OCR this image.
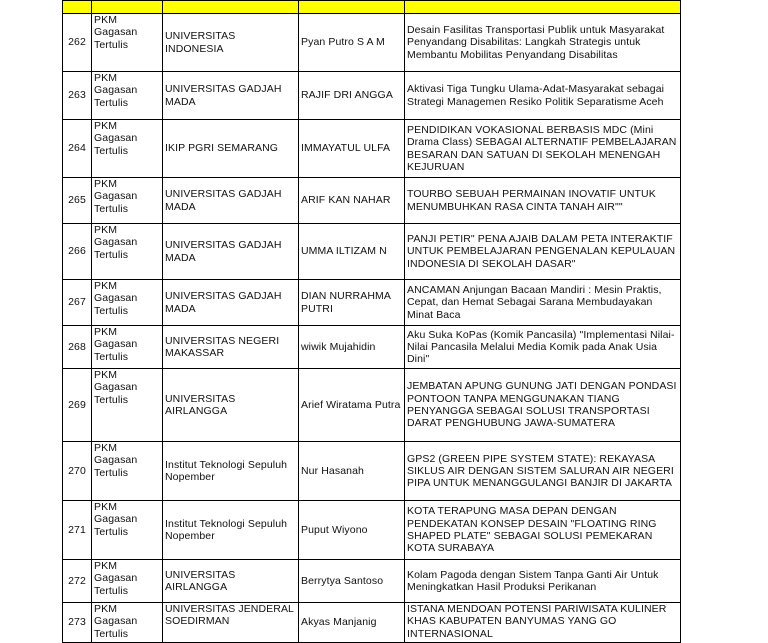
262	PKM
Gagasan
Tertulis	UNIVERSITAS INDONESIA	Pyan Putro S A M	Desain Fasilitas Transportasi Publik untuk Masyarakat Penyandang Disabilitas: Langkah Strategis untuk Membantu Mobilitas Penyandang Disabilitas
263	PKM
Gagasan
Tertulis	UNIVERSITAS GADJAH MADA	RAJIF DRI ANGGA	Aktivasi Tiga Tungku Ulama-Adat-Masyarakat sebagai Strategi Managemen Resiko Politik Separatisme Aceh
264	PKM
Gagasan
Tertulis	IKIP PGRI SEMARANG	IMMAYATUL ULFA	PENDIDIKAN VOKASIONAL BERBASIS MDC (Mini Drama Class) SEBAGAI ALTERNATIF PEMBELAJARAN BESARAN DAN SATUAN DI SEKOLAH MENENGAH KEJURUAN
265	PKM
Gagasan
Tertulis	UNIVERSITAS GADJAH MADA	ARIF KAN NAHAR	TOURBO SEBUAH PERMAINAN INOVATIF UNTUK MENUMBUHKAN RASA CINTA TANAH AIR""
266	PKM
Gagasan
Tertulis	UNIVERSITAS GADJAH MADA	UMMA ILTIZAM N	PANJI PETIR" PENA AJAIB DALAM PETA INTERAKTIF UNTUK PEMBELAJARAN PENGENALAN KEPULAUAN INDONESIA DI SEKOLAH DASAR"
267	PKM
Gagasan
Tertulis	UNIVERSITAS GADJAH MADA	DIAN NURRAHMA PUTRI	ANCAMAN Anjungan Bacaan Mandiri : Mesin Praktis, Cepat, dan Hemat Sebagai Sarana Membudayakan Minat Baca
268	PKM
Gagasan
Tertulis	UNIVERSITAS NEGERI MAKASSAR	wiwik Mujahidin	Aku Suka KoPas (Komik Pancasila) "Implementasi Nilai-Nilai Pancasila Melalui Media Komik pada Anak Usia Dini"
269	PKM
Gagasan
Tertulis	UNIVERSITAS AIRLANGGA	Arief Wiratama Putra	JEMBATAN APUNG GUNUNG JATI DENGAN PONDASI PONTOON TANPA MENGGUNAKAN TIANG PENYANGGA SEBAGAI SOLUSI TRANSPORTASI DARAT PENGHUBUNG JAWA-SUMATERA
270	PKM
Gagasan
Tertulis	Institut Teknologi Sepuluh Nopember	Nur Hasanah	GPS2 (GREEN PIPE SYSTEM STATE): REKAYASA SIKLUS AIR DENGAN SISTEM SALURAN AIR NEGERI PIPA UNTUK MENANGGULANGI BANJIR DI JAKARTA
271	PKM
Gagasan
Tertulis	Institut Teknologi Sepuluh Nopember	Puput Wiyono	KOTA TERAPUNG MASA DEPAN DENGAN PENDEKATAN KONSEP DESAIN "FLOATING RING SHAPED PLATE" SEBAGAI SOLUSI PEMEKARAN KOTA SURABAYA
272	PKM
Gagasan
Tertulis	UNIVERSITAS AIRLANGGA	Berrytya Santoso	Kolam Pagoda dengan Sistem Tanpa Ganti Air Untuk Meningkatkan Hasil Produksi Perikanan
273	PKM
Gagasan
Tertulis	UNIVERSITAS JENDERAL SOEDIRMAN	Akyas Manjanig	ISTANA MENDOAN POTENSI PARIWISATA KULINER KHAS KABUPATEN BANYUMAS YANG GO INTERNASIONAL
